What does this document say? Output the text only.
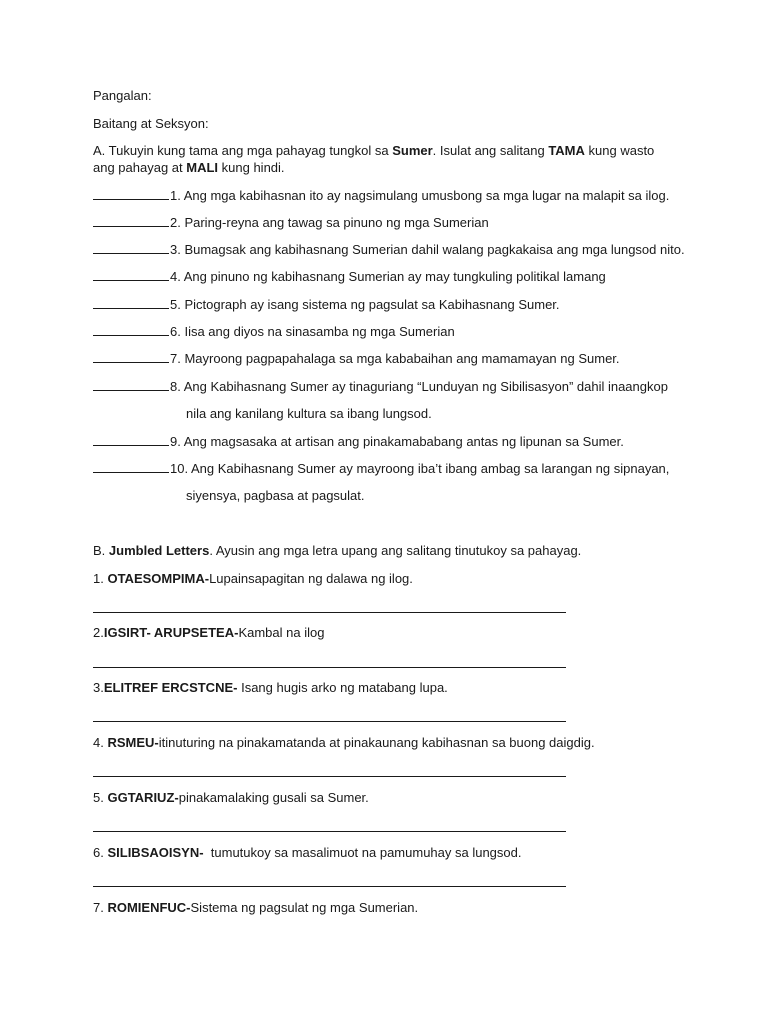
Pangalan:
Baitang at Seksyon:
A. Tukuyin kung tama ang mga pahayag tungkol sa Sumer. Isulat ang salitang TAMA kung wasto ang pahayag at MALI kung hindi.
1. Ang mga kabihasnan ito ay nagsimulang umusbong sa mga lugar na malapit sa ilog.
2. Paring-reyna ang tawag sa pinuno ng mga Sumerian
3. Bumagsak ang kabihasnang Sumerian dahil walang pagkakaisa ang mga lungsod nito.
4. Ang pinuno ng kabihasnang Sumerian ay may tungkuling politikal lamang
5. Pictograph ay isang sistema ng pagsulat sa Kabihasnang Sumer.
6. Iisa ang diyos na sinasamba ng mga Sumerian
7. Mayroong pagpapahalaga sa mga kababaihan ang mamamayan ng Sumer.
8. Ang Kabihasnang Sumer ay tinaguriang “Lunduyan ng Sibilisasyon” dahil inaangkop
nila ang kanilang kultura sa ibang lungsod.
9. Ang magsasaka at artisan ang pinakamababang antas ng lipunan sa Sumer.
10. Ang Kabihasnang Sumer ay mayroong iba’t ibang ambag sa larangan ng sipnayan,
siyensya, pagbasa at pagsulat.
B. Jumbled Letters. Ayusin ang mga letra upang ang salitang tinutukoy sa pahayag.
1. OTAESOMPIMA-Lupainsapagitan ng dalawa ng ilog.
2.IGSIRT- ARUPSETEA-Kambal na ilog
3.ELITREF ERCSTCNE- Isang hugis arko ng matabang lupa.
4. RSMEU-itinuturing na pinakamatanda at pinakaunang kabihasnan sa buong daigdig.
5. GGTARIUZ-pinakamalaking gusali sa Sumer.
6. SILIBSAOISYN-  tumutukoy sa masalimuot na pamumuhay sa lungsod.
7. ROMIENFUC-Sistema ng pagsulat ng mga Sumerian.
